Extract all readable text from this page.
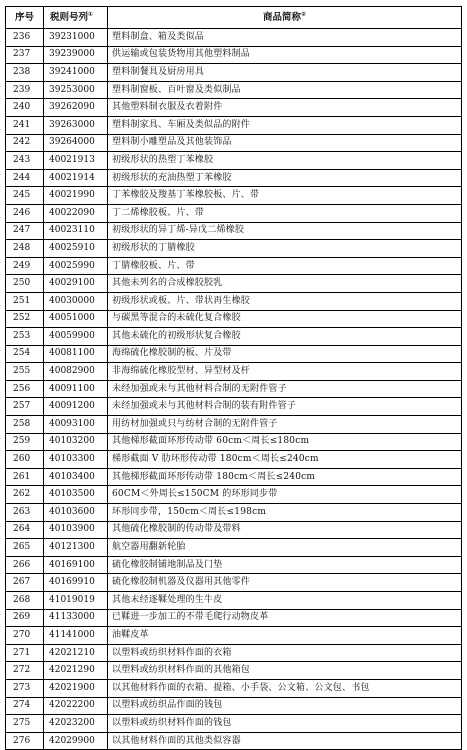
序号	税则号列①	商品简称②
236	39231000	塑料制盒、箱及类似品
237	39239000	供运输或包装货物用其他塑料制品
238	39241000	塑料制餐具及厨房用具
239	39253000	塑料制窗板、百叶窗及类似制品
240	39262090	其他塑料制衣服及衣着附件
241	39263000	塑料制家具、车厢及类似品的附件
242	39264000	塑料制小雕塑品及其他装饰品
243	40021913	初级形状的热塑丁苯橡胶
244	40021914	初级形状的充油热塑丁苯橡胶
245	40021990	丁苯橡胶及羧基丁苯橡胶板、片、带
246	40022090	丁二烯橡胶板、片、带
247	40023110	初级形状的异丁烯-异戊二烯橡胶
248	40025910	初级形状的丁腈橡胶
249	40025990	丁腈橡胶板、片、带
250	40029100	其他未列名的合成橡胶胶乳
251	40030000	初级形状或板、片、带状再生橡胶
252	40051000	与碳黑等混合的未硫化复合橡胶
253	40059900	其他未硫化的初级形状复合橡胶
254	40081100	海绵硫化橡胶制的板、片及带
255	40082900	非海绵硫化橡胶型材、异型材及杆
256	40091100	未经加强或未与其他材料合制的无附件管子
257	40091200	未经加强或未与其他材料合制的装有附件管子
258	40093100	用纺材加强或只与纺材合制的无附件管子
259	40103200	其他梯形截面环形传动带 60cm＜周长≤180cm
260	40103300	梯形截面 V 肋环形传动带 180cm＜周长≤240cm
261	40103400	其他梯形截面环形传动带 180cm＜周长≤240cm
262	40103500	60CM＜外周长≤150CM 的环形同步带
263	40103600	环形同步带，150cm＜周长≤198cm
264	40103900	其他硫化橡胶制的传动带及带料
265	40121300	航空器用翻新轮胎
266	40169100	硫化橡胶制铺地制品及门垫
267	40169910	硫化橡胶制机器及仪器用其他零件
268	41019019	其他未经逐鞣处理的生牛皮
269	41133000	已鞣进一步加工的不带毛爬行动物皮革
270	41141000	油鞣皮革
271	42021210	以塑料或纺织材料作面的衣箱
272	42021290	以塑料或纺织材料作面的其他箱包
273	42021900	以其他材料作面的衣箱、提箱、小手袋、公文箱、公文包、书包
274	42022200	以塑料或纺织品作面的钱包
275	42023200	以塑料或纺织材料作面的钱包
276	42029900	以其他材料作面的其他类似容器
